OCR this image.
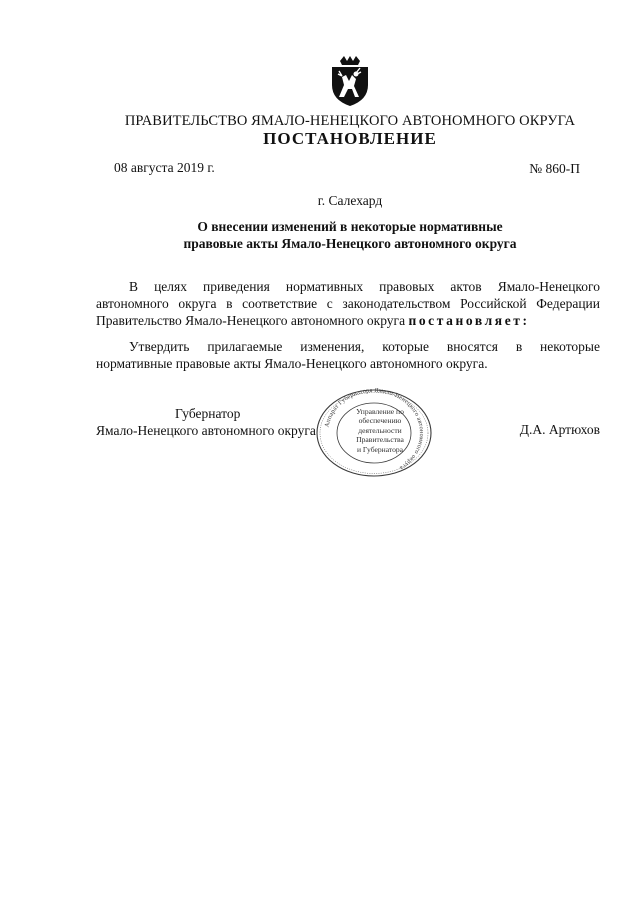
ПРАВИТЕЛЬСТВО ЯМАЛО-НЕНЕЦКОГО АВТОНОМНОГО ОКРУГА
ПОСТАНОВЛЕНИЕ
08 августа 2019 г.	№ 860-П
г. Салехард
О внесении изменений в некоторые нормативные
правовые акты Ямало-Ненецкого автономного округа
В целях приведения нормативных правовых актов Ямало-Ненецкого
автономного округа в соответствие с законодательством Российской Федерации
Правительство Ямало-Ненецкого автономного округа постановляет:
Утвердить прилагаемые изменения, которые вносятся в некоторые
нормативные правовые акты Ямало-Ненецкого автономного округа.
Губернатор
Ямало-Ненецкого автономного округа	Д.А. Артюхов
Аппарат Губернатора Ямало-Ненецкого автономного округа
Управление по
обеспечению
деятельности
Правительства
и Губернатора
